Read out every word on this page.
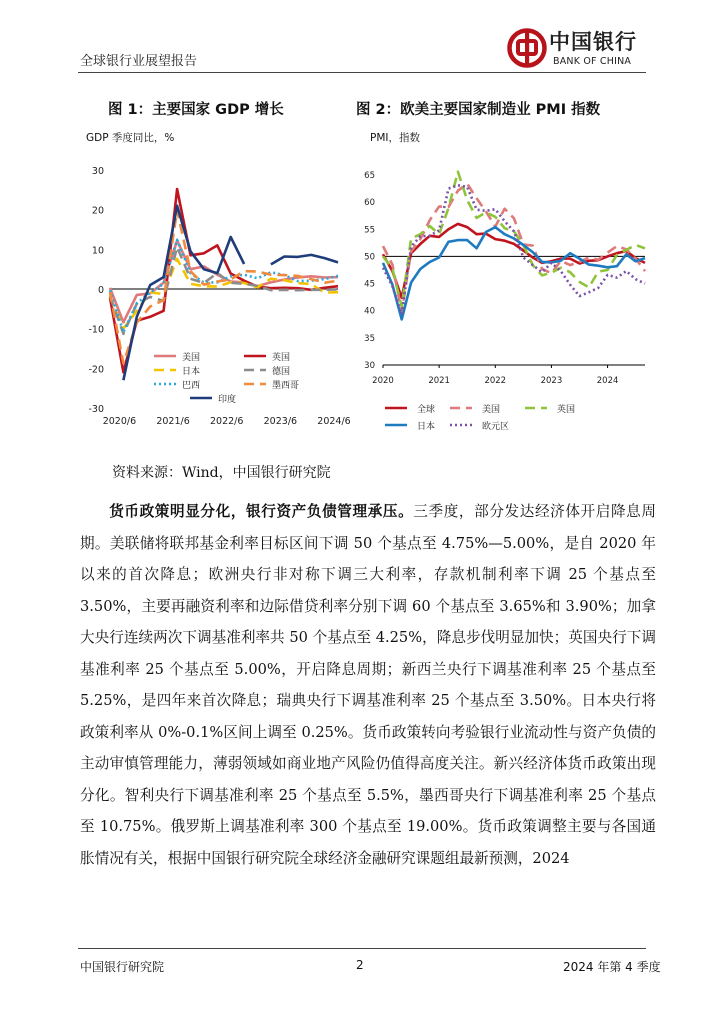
全球银行业展望报告
中国银行
BANK OF CHINA
图 1：主要国家 GDP 增长	图 2：欧美主要国家制造业 PMI 指数
GDP 季度同比，%	PMI，指数
30
20
10
0
-10
-20
-30
2020/6 2021/6 2022/6 2023/6 2024/6
美国	英国
日本	德国
巴西	墨西哥
印度
65
60
55
50
45
40
35
30
2020	2021	2022	2023	2024
全球	美国	英国
日本	欧元区
资料来源：Wind，中国银行研究院

货币政策明显分化，银行资产负债管理承压。三季度，部分发达经济体开启降息周期。美联储将联邦基金利率目标区间下调 50 个基点至 4.75%—5.00%，是自 2020 年以来的首次降息；欧洲央行非对称下调三大利率，存款机制利率下调 25 个基点至 3.50%，主要再融资利率和边际借贷利率分别下调 60 个基点至 3.65%和 3.90%；加拿大央行连续两次下调基准利率共 50 个基点至 4.25%，降息步伐明显加快；英国央行下调基准利率 25 个基点至 5.00%，开启降息周期；新西兰央行下调基准利率 25 个基点至 5.25%，是四年来首次降息；瑞典央行下调基准利率 25 个基点至 3.50%。日本央行将政策利率从 0%-0.1%区间上调至 0.25%。货币政策转向考验银行业流动性与资产负债的主动审慎管理能力，薄弱领域如商业地产风险仍值得高度关注。新兴经济体货币政策出现分化。智利央行下调基准利率 25 个基点至 5.5%，墨西哥央行下调基准利率 25 个基点至 10.75%。俄罗斯上调基准利率 300 个基点至 19.00%。货币政策调整主要与各国通胀情况有关，根据中国银行研究院全球经济金融研究课题组最新预测，2024

中国银行研究院	2	2024 年第 4 季度
